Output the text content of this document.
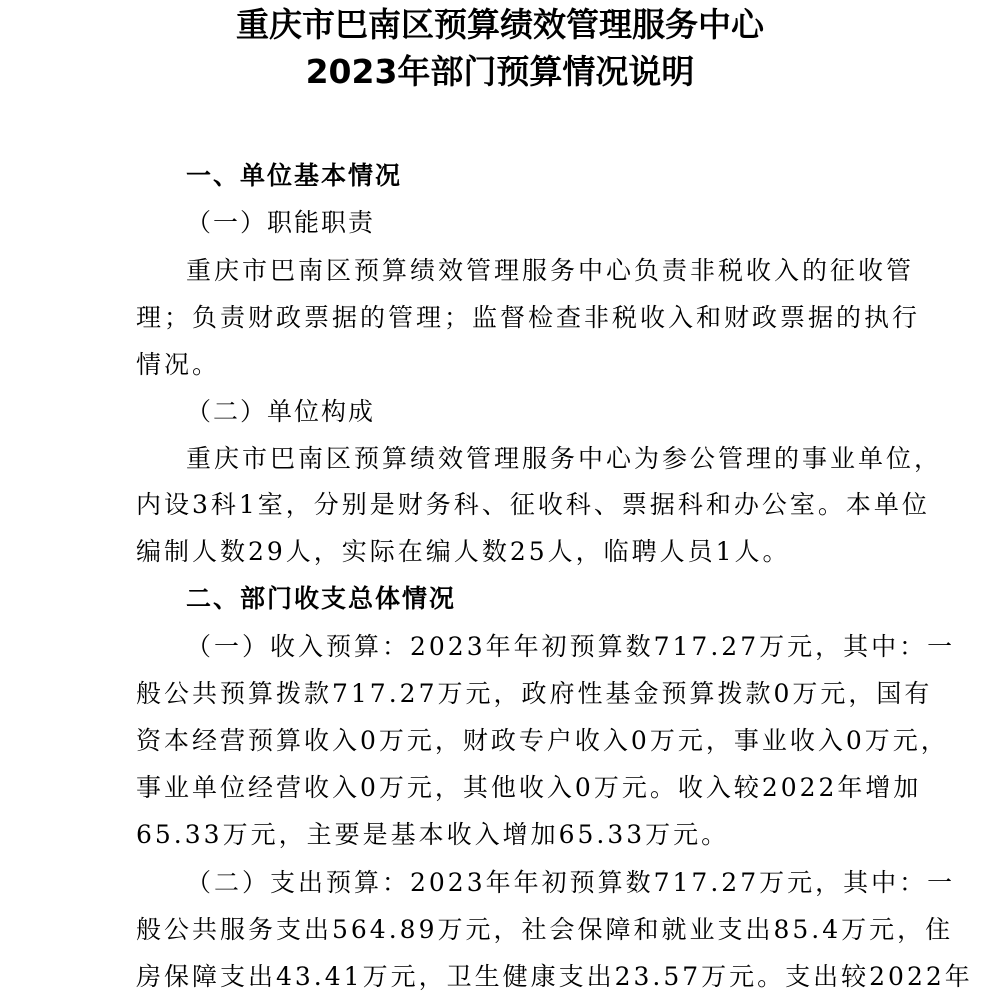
重庆市巴南区预算绩效管理服务中心
2023年部门预算情况说明
一、单位基本情况
（一）职能职责
重庆市巴南区预算绩效管理服务中心负责非税收入的征收管
理；负责财政票据的管理；监督检查非税收入和财政票据的执行
情况。
（二）单位构成
重庆市巴南区预算绩效管理服务中心为参公管理的事业单位，
内设3科1室，分别是财务科、征收科、票据科和办公室。本单位
编制人数29人，实际在编人数25人，临聘人员1人。
二、部门收支总体情况
（一）收入预算：2023年年初预算数717.27万元，其中：一
般公共预算拨款717.27万元，政府性基金预算拨款0万元，国有
资本经营预算收入0万元，财政专户收入0万元，事业收入0万元，
事业单位经营收入0万元，其他收入0万元。收入较2022年增加
65.33万元，主要是基本收入增加65.33万元。
（二）支出预算：2023年年初预算数717.27万元，其中：一
般公共服务支出564.89万元，社会保障和就业支出85.4万元，住
房保障支出43.41万元，卫生健康支出23.57万元。支出较2022年
